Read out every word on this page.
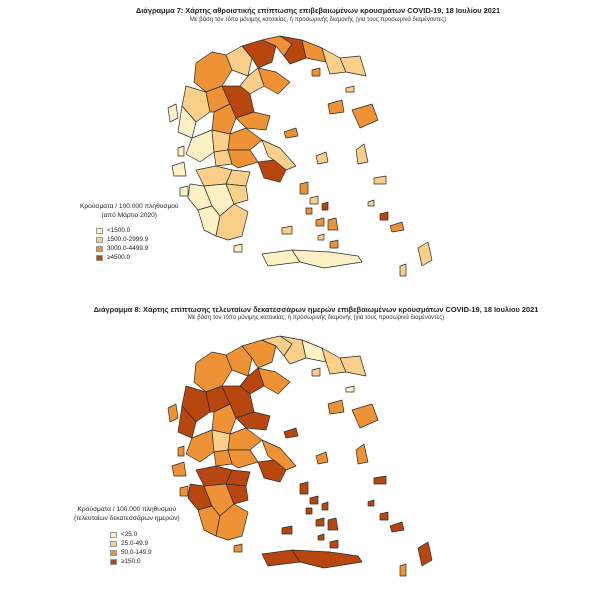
Διάγραμμα 7: Χάρτης αθροιστικής επίπτωσης επιβεβαιωμένων κρουσμάτων COVID-19, 18 Ιουλίου 2021
Με βάση τον τόπο μόνιμης κατοικίας, ή προσωρινής διαμονής (για τους προσωρινά διαμένοντες)
Κρούσματα / 100.000 πληθυσμού
(από Μάρτιο 2020)
<1500.0
1500.0-2999.9
3000.0-4499.9
≥4500.0
Διάγραμμα 8: Χάρτης επίπτωσης τελευταίων δεκατεσσάρων ημερών επιβεβαιωμένων κρουσμάτων COVID-19, 18 Ιουλίου 2021
Με βάση τον τόπο μόνιμης κατοικίας, ή προσωρινής διαμονής (για τους προσωρινά διαμένοντες)
Κρούσματα / 100.000 πληθυσμού
(τελευταίων δεκατεσσάρων ημερών)
<25.0
25.0-49.9
50.0-149.9
≥150.0
